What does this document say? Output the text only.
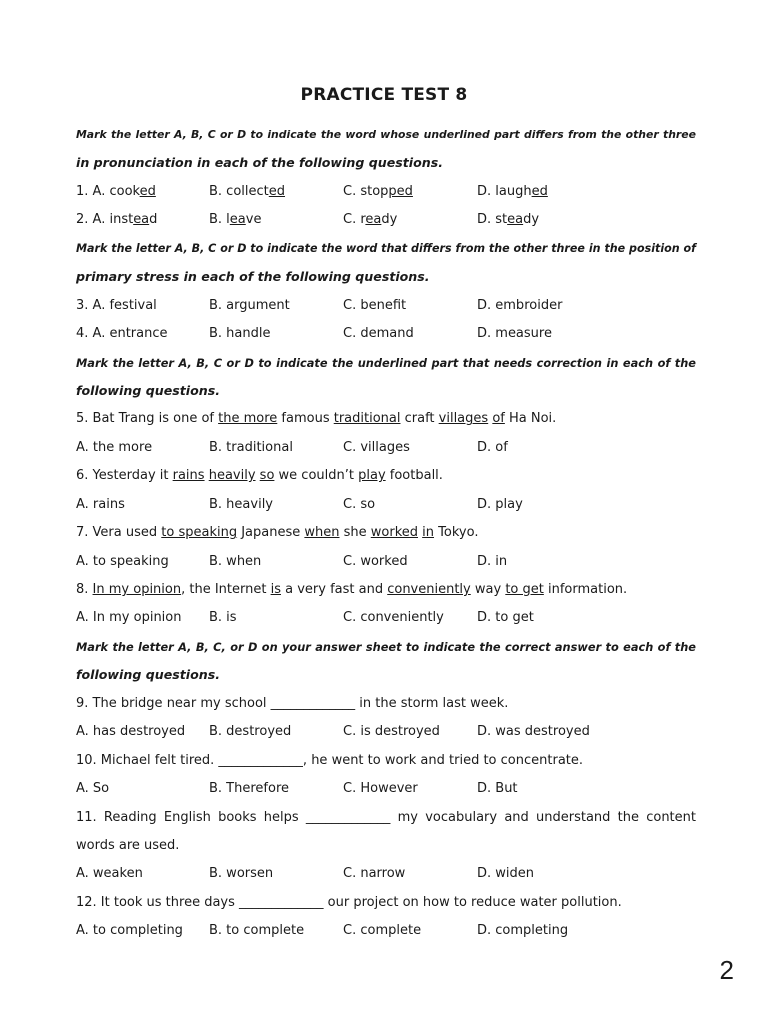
PRACTICE TEST 8
Mark the letter A, B, C or D to indicate the word whose underlined part differs from the other three
in pronunciation in each of the following questions.
1. A. cooked	B. collected	C. stopped	D. laughed
2. A. instead	B. leave	C. ready	D. steady
Mark the letter A, B, C or D to indicate the word that differs from the other three in the position of
primary stress in each of the following questions.
3. A. festival	B. argument	C. benefit	D. embroider
4. A. entrance	B. handle	C. demand	D. measure
Mark the letter A, B, C or D to indicate the underlined part that needs correction in each of the
following questions.
5. Bat Trang is one of the more famous traditional craft villages of Ha Noi.
A. the more	B. traditional	C. villages	D. of
6. Yesterday it rains heavily so we couldn’t play football.
A. rains	B. heavily	C. so	D. play
7. Vera used to speaking Japanese when she worked in Tokyo.
A. to speaking	B. when	C. worked	D. in
8. In my opinion, the Internet is a very fast and conveniently way to get information.
A. In my opinion	B. is	C. conveniently	D. to get
Mark the letter A, B, C, or D on your answer sheet to indicate the correct answer to each of the
following questions.
9. The bridge near my school _____________ in the storm last week.
A. has destroyed	B. destroyed	C. is destroyed	D. was destroyed
10. Michael felt tired. _____________, he went to work and tried to concentrate.
A. So	B. Therefore	C. However	D. But
11. Reading English books helps _____________ my vocabulary and understand the content
words are used.
A. weaken	B. worsen	C. narrow	D. widen
12. It took us three days _____________ our project on how to reduce water pollution.
A. to completing	B. to complete	C. complete	D. completing
2
